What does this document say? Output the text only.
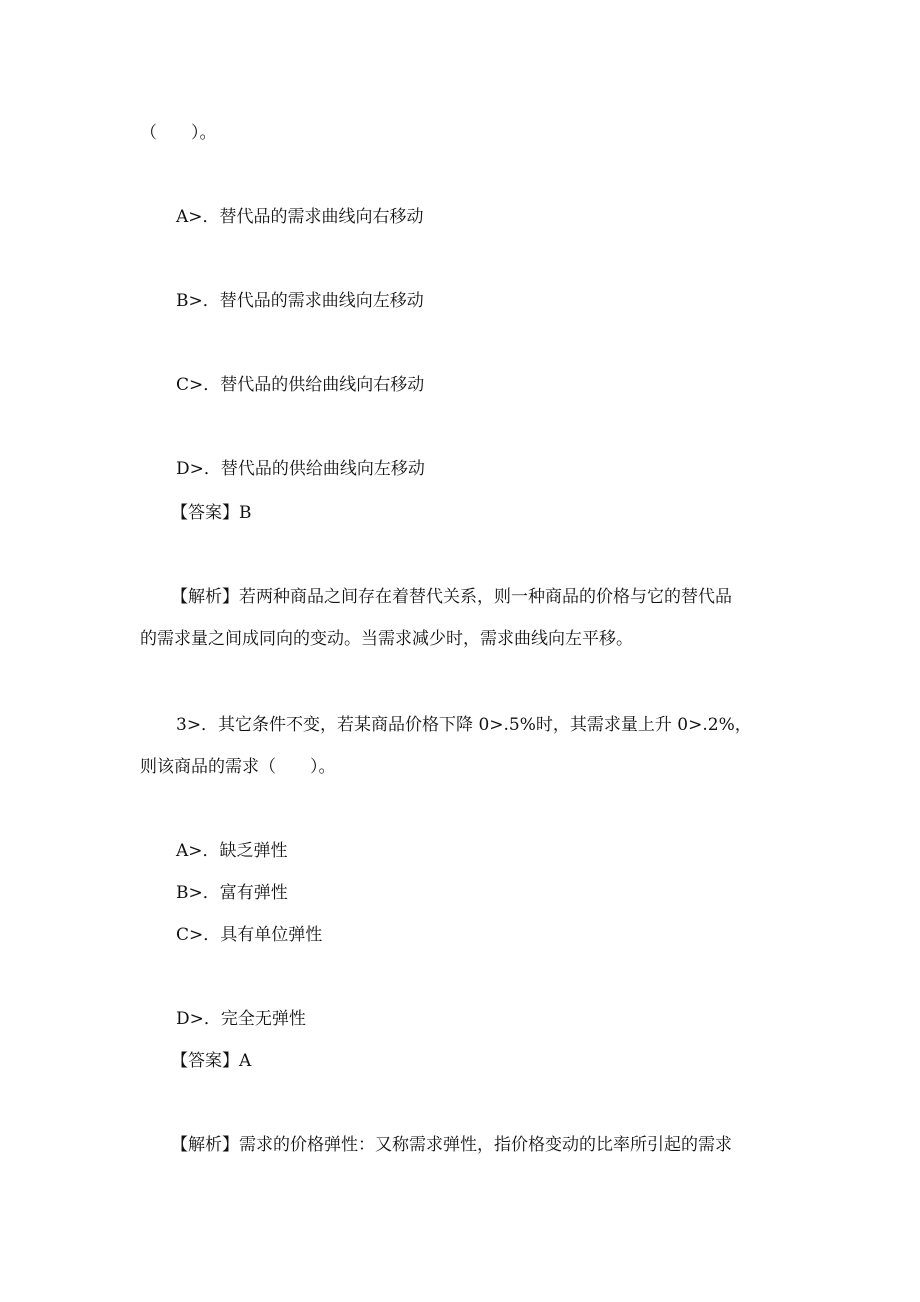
（　　）。

A>．替代品的需求曲线向右移动

B>．替代品的需求曲线向左移动

C>．替代品的供给曲线向右移动

D>．替代品的供给曲线向左移动

【答案】B

【解析】若两种商品之间存在着替代关系，则一种商品的价格与它的替代品

的需求量之间成同向的变动。当需求减少时，需求曲线向左平移。

3>．其它条件不变，若某商品价格下降 0>.5%时，其需求量上升 0>.2%，

则该商品的需求（　　）。

A>．缺乏弹性

B>．富有弹性

C>．具有单位弹性

D>．完全无弹性

【答案】A

【解析】需求的价格弹性：又称需求弹性，指价格变动的比率所引起的需求
